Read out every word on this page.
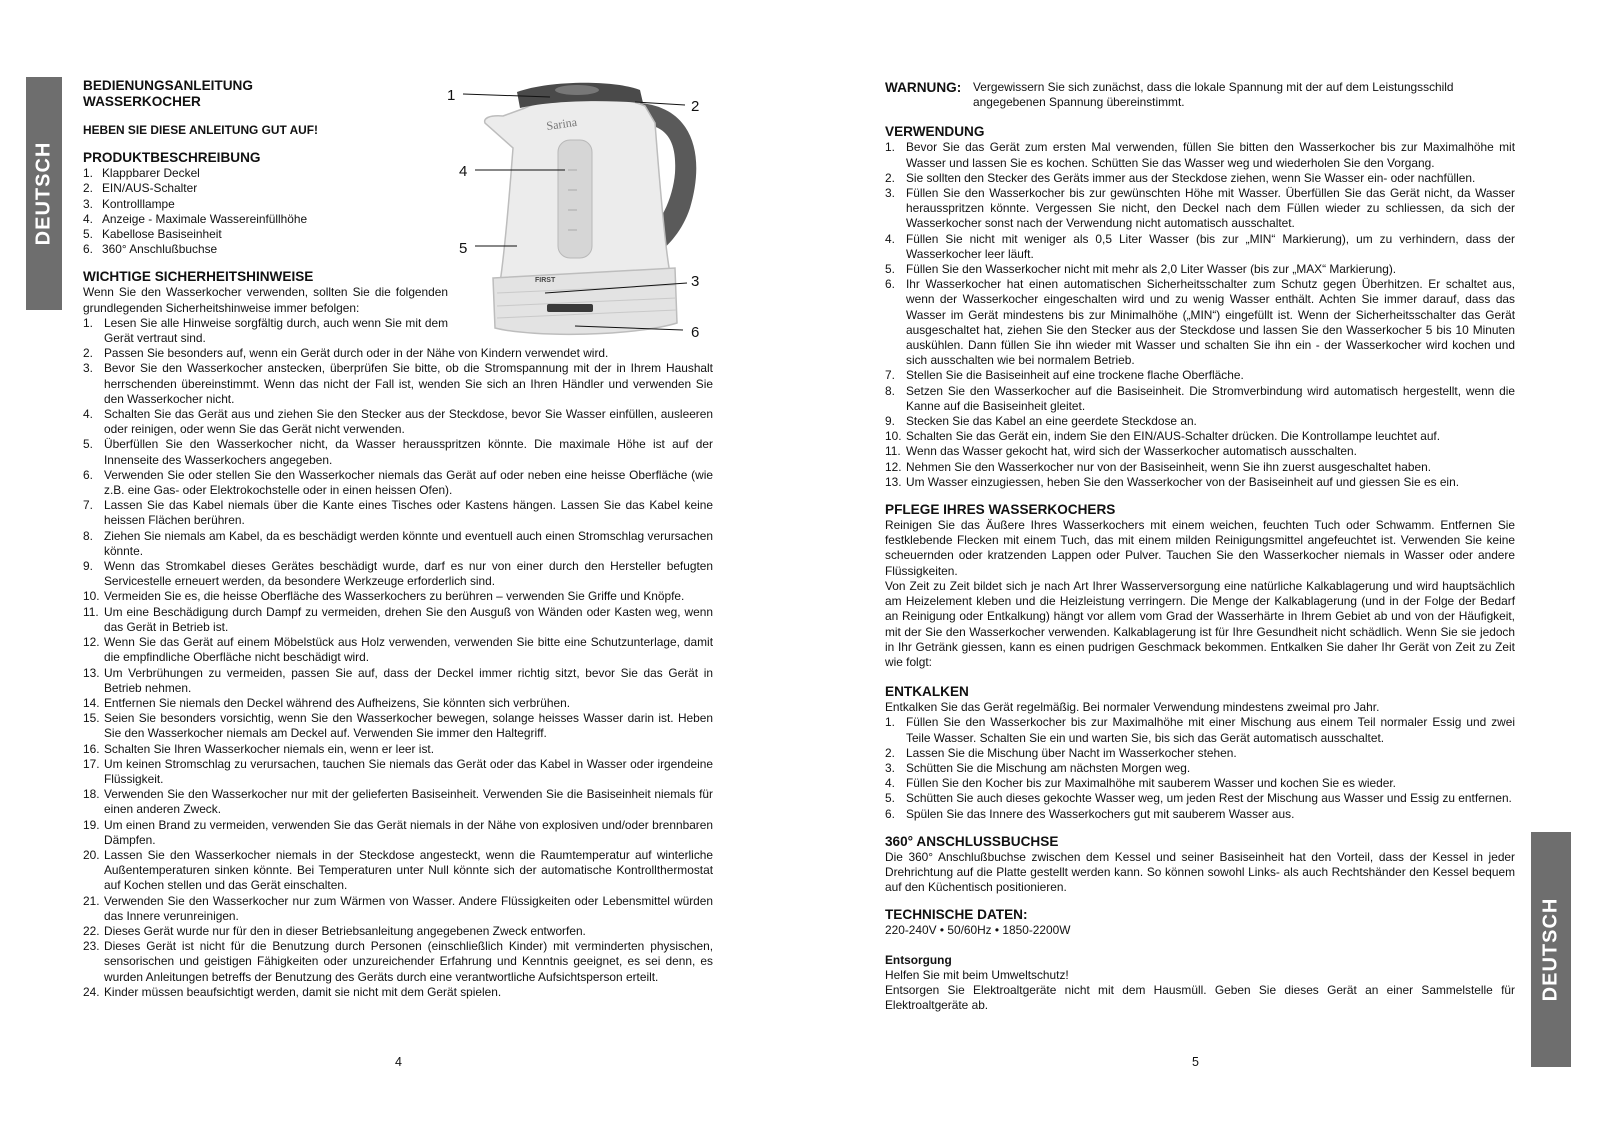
DEUTSCH
DEUTSCH
BEDIENUNGSANLEITUNG
WASSERKOCHER
HEBEN SIE DIESE ANLEITUNG GUT AUF!
PRODUKTBESCHREIBUNG
1. Klappbarer Deckel
2. EIN/AUS-Schalter
3. Kontrolllampe
4. Anzeige - Maximale Wassereinfüllhöhe
5. Kabellose Basiseinheit
6. 360° Anschlußbuchse
WICHTIGE SICHERHEITSHINWEISE

Wenn Sie den Wasserkocher verwenden, sollten Sie die folgenden grundlegenden Sicherheitshinweise immer befolgen:

1. Lesen Sie alle Hinweise sorgfältig durch, auch wenn Sie mit dem Gerät vertraut sind.
2. Passen Sie besonders auf, wenn ein Gerät durch oder in der Nähe von Kindern verwendet wird.
3. Bevor Sie den Wasserkocher anstecken, überprüfen Sie bitte, ob die Stromspannung mit der in Ihrem Haushalt herrschenden übereinstimmt. Wenn das nicht der Fall ist, wenden Sie sich an Ihren Händler und verwenden Sie den Wasserkocher nicht.
4. Schalten Sie das Gerät aus und ziehen Sie den Stecker aus der Steckdose, bevor Sie Wasser einfüllen, ausleeren oder reinigen, oder wenn Sie das Gerät nicht verwenden.
5. Überfüllen Sie den Wasserkocher nicht, da Wasser herausspritzen könnte. Die maximale Höhe ist auf der Innenseite des Wasserkochers angegeben.
6. Verwenden Sie oder stellen Sie den Wasserkocher niemals das Gerät auf oder neben eine heisse Oberfläche (wie z.B. eine Gas- oder Elektrokochstelle oder in einen heissen Ofen).
7. Lassen Sie das Kabel niemals über die Kante eines Tisches oder Kastens hängen. Lassen Sie das Kabel keine heissen Flächen berühren.
8. Ziehen Sie niemals am Kabel, da es beschädigt werden könnte und eventuell auch einen Stromschlag verursachen könnte.
9. Wenn das Stromkabel dieses Gerätes beschädigt wurde, darf es nur von einer durch den Hersteller befugten Servicestelle erneuert werden, da besondere Werkzeuge erforderlich sind.
10. Vermeiden Sie es, die heisse Oberfläche des Wasserkochers zu berühren – verwenden Sie Griffe und Knöpfe.
11. Um eine Beschädigung durch Dampf zu vermeiden, drehen Sie den Ausguß von Wänden oder Kasten weg, wenn das Gerät in Betrieb ist.
12. Wenn Sie das Gerät auf einem Möbelstück aus Holz verwenden, verwenden Sie bitte eine Schutzunterlage, damit die empfindliche Oberfläche nicht beschädigt wird.
13. Um Verbrühungen zu vermeiden, passen Sie auf, dass der Deckel immer richtig sitzt, bevor Sie das Gerät in Betrieb nehmen.
14. Entfernen Sie niemals den Deckel während des Aufheizens, Sie könnten sich verbrühen.
15. Seien Sie besonders vorsichtig, wenn Sie den Wasserkocher bewegen, solange heisses Wasser darin ist. Heben Sie den Wasserkocher niemals am Deckel auf. Verwenden Sie immer den Haltegriff.
16. Schalten Sie Ihren Wasserkocher niemals ein, wenn er leer ist.
17. Um keinen Stromschlag zu verursachen, tauchen Sie niemals das Gerät oder das Kabel in Wasser oder irgendeine Flüssigkeit.
18. Verwenden Sie den Wasserkocher nur mit der gelieferten Basiseinheit. Verwenden Sie die Basiseinheit niemals für einen anderen Zweck.
19. Um einen Brand zu vermeiden, verwenden Sie das Gerät niemals in der Nähe von explosiven und/oder brennbaren Dämpfen.
20. Lassen Sie den Wasserkocher niemals in der Steckdose angesteckt, wenn die Raumtemperatur auf winterliche Außentemperaturen sinken könnte. Bei Temperaturen unter Null könnte sich der automatische Kontrollthermostat auf Kochen stellen und das Gerät einschalten.
21. Verwenden Sie den Wasserkocher nur zum Wärmen von Wasser. Andere Flüssigkeiten oder Lebensmittel würden das Innere verunreinigen.
22. Dieses Gerät wurde nur für den in dieser Betriebsanleitung angegebenen Zweck entworfen.
23. Dieses Gerät ist nicht für die Benutzung durch Personen (einschließlich Kinder) mit verminderten physischen, sensorischen und geistigen Fähigkeiten oder unzureichender Erfahrung und Kenntnis geeignet, es sei denn, es wurden Anleitungen betreffs der Benutzung des Geräts durch eine verantwortliche Aufsichtsperson erteilt.
24. Kinder müssen beaufsichtigt werden, damit sie nicht mit dem Gerät spielen.
Sarina
FIRST
1
2
3
4
5
6
WARNUNG: Vergewissern Sie sich zunächst, dass die lokale Spannung mit der auf dem Leistungsschild angegebenen Spannung übereinstimmt.
VERWENDUNG
1. Bevor Sie das Gerät zum ersten Mal verwenden, füllen Sie bitten den Wasserkocher bis zur Maximalhöhe mit Wasser und lassen Sie es kochen. Schütten Sie das Wasser weg und wiederholen Sie den Vorgang.
2. Sie sollten den Stecker des Geräts immer aus der Steckdose ziehen, wenn Sie Wasser ein- oder nachfüllen.
3. Füllen Sie den Wasserkocher bis zur gewünschten Höhe mit Wasser. Überfüllen Sie das Gerät nicht, da Wasser herausspritzen könnte. Vergessen Sie nicht, den Deckel nach dem Füllen wieder zu schliessen, da sich der Wasserkocher sonst nach der Verwendung nicht automatisch ausschaltet.
4. Füllen Sie nicht mit weniger als 0,5 Liter Wasser (bis zur „MIN“ Markierung), um zu verhindern, dass der Wasserkocher leer läuft.
5. Füllen Sie den Wasserkocher nicht mit mehr als 2,0 Liter Wasser (bis zur „MAX“ Markierung).
6. Ihr Wasserkocher hat einen automatischen Sicherheitsschalter zum Schutz gegen Überhitzen. Er schaltet aus, wenn der Wasserkocher eingeschalten wird und zu wenig Wasser enthält. Achten Sie immer darauf, dass das Wasser im Gerät mindestens bis zur Minimalhöhe („MIN“) eingefüllt ist. Wenn der Sicherheitsschalter das Gerät ausgeschaltet hat, ziehen Sie den Stecker aus der Steckdose und lassen Sie den Wasserkocher 5 bis 10 Minuten auskühlen. Dann füllen Sie ihn wieder mit Wasser und schalten Sie ihn ein - der Wasserkocher wird kochen und sich ausschalten wie bei normalem Betrieb.
7. Stellen Sie die Basiseinheit auf eine trockene flache Oberfläche.
8. Setzen Sie den Wasserkocher auf die Basiseinheit. Die Stromverbindung wird automatisch hergestellt, wenn die Kanne auf die Basiseinheit gleitet.
9. Stecken Sie das Kabel an eine geerdete Steckdose an.
10. Schalten Sie das Gerät ein, indem Sie den EIN/AUS-Schalter drücken. Die Kontrollampe leuchtet auf.
11. Wenn das Wasser gekocht hat, wird sich der Wasserkocher automatisch ausschalten.
12. Nehmen Sie den Wasserkocher nur von der Basiseinheit, wenn Sie ihn zuerst ausgeschaltet haben.
13. Um Wasser einzugiessen, heben Sie den Wasserkocher von der Basiseinheit auf und giessen Sie es ein.
PFLEGE IHRES WASSERKOCHERS

Reinigen Sie das Äußere Ihres Wasserkochers mit einem weichen, feuchten Tuch oder Schwamm. Entfernen Sie festklebende Flecken mit einem Tuch, das mit einem milden Reinigungsmittel angefeuchtet ist. Verwenden Sie keine scheuernden oder kratzenden Lappen oder Pulver. Tauchen Sie den Wasserkocher niemals in Wasser oder andere Flüssigkeiten.

Von Zeit zu Zeit bildet sich je nach Art Ihrer Wasserversorgung eine natürliche Kalkablagerung und wird hauptsächlich am Heizelement kleben und die Heizleistung verringern. Die Menge der Kalkablagerung (und in der Folge der Bedarf an Reinigung oder Entkalkung) hängt vor allem vom Grad der Wasserhärte in Ihrem Gebiet ab und von der Häufigkeit, mit der Sie den Wasserkocher verwenden. Kalkablagerung ist für Ihre Gesundheit nicht schädlich. Wenn Sie sie jedoch in Ihr Getränk giessen, kann es einen pudrigen Geschmack bekommen. Entkalken Sie daher Ihr Gerät von Zeit zu Zeit wie folgt:

ENTKALKEN

Entkalken Sie das Gerät regelmäßig. Bei normaler Verwendung mindestens zweimal pro Jahr.

1. Füllen Sie den Wasserkocher bis zur Maximalhöhe mit einer Mischung aus einem Teil normaler Essig und zwei Teile Wasser. Schalten Sie ein und warten Sie, bis sich das Gerät automatisch ausschaltet.
2. Lassen Sie die Mischung über Nacht im Wasserkocher stehen.
3. Schütten Sie die Mischung am nächsten Morgen weg.
4. Füllen Sie den Kocher bis zur Maximalhöhe mit sauberem Wasser und kochen Sie es wieder.
5. Schütten Sie auch dieses gekochte Wasser weg, um jeden Rest der Mischung aus Wasser und Essig zu entfernen.
6. Spülen Sie das Innere des Wasserkochers gut mit sauberem Wasser aus.
360° ANSCHLUSSBUCHSE

Die 360° Anschlußbuchse zwischen dem Kessel und seiner Basiseinheit hat den Vorteil, dass der Kessel in jeder Drehrichtung auf die Platte gestellt werden kann. So können sowohl Links- als auch Rechtshänder den Kessel bequem auf den Küchentisch positionieren.

TECHNISCHE DATEN:

220-240V • 50/60Hz • 1850-2200W

Entsorgung

Helfen Sie mit beim Umweltschutz!

Entsorgen Sie Elektroaltgeräte nicht mit dem Hausmüll. Geben Sie dieses Gerät an einer Sammelstelle für Elektroaltgeräte ab.

4	5
